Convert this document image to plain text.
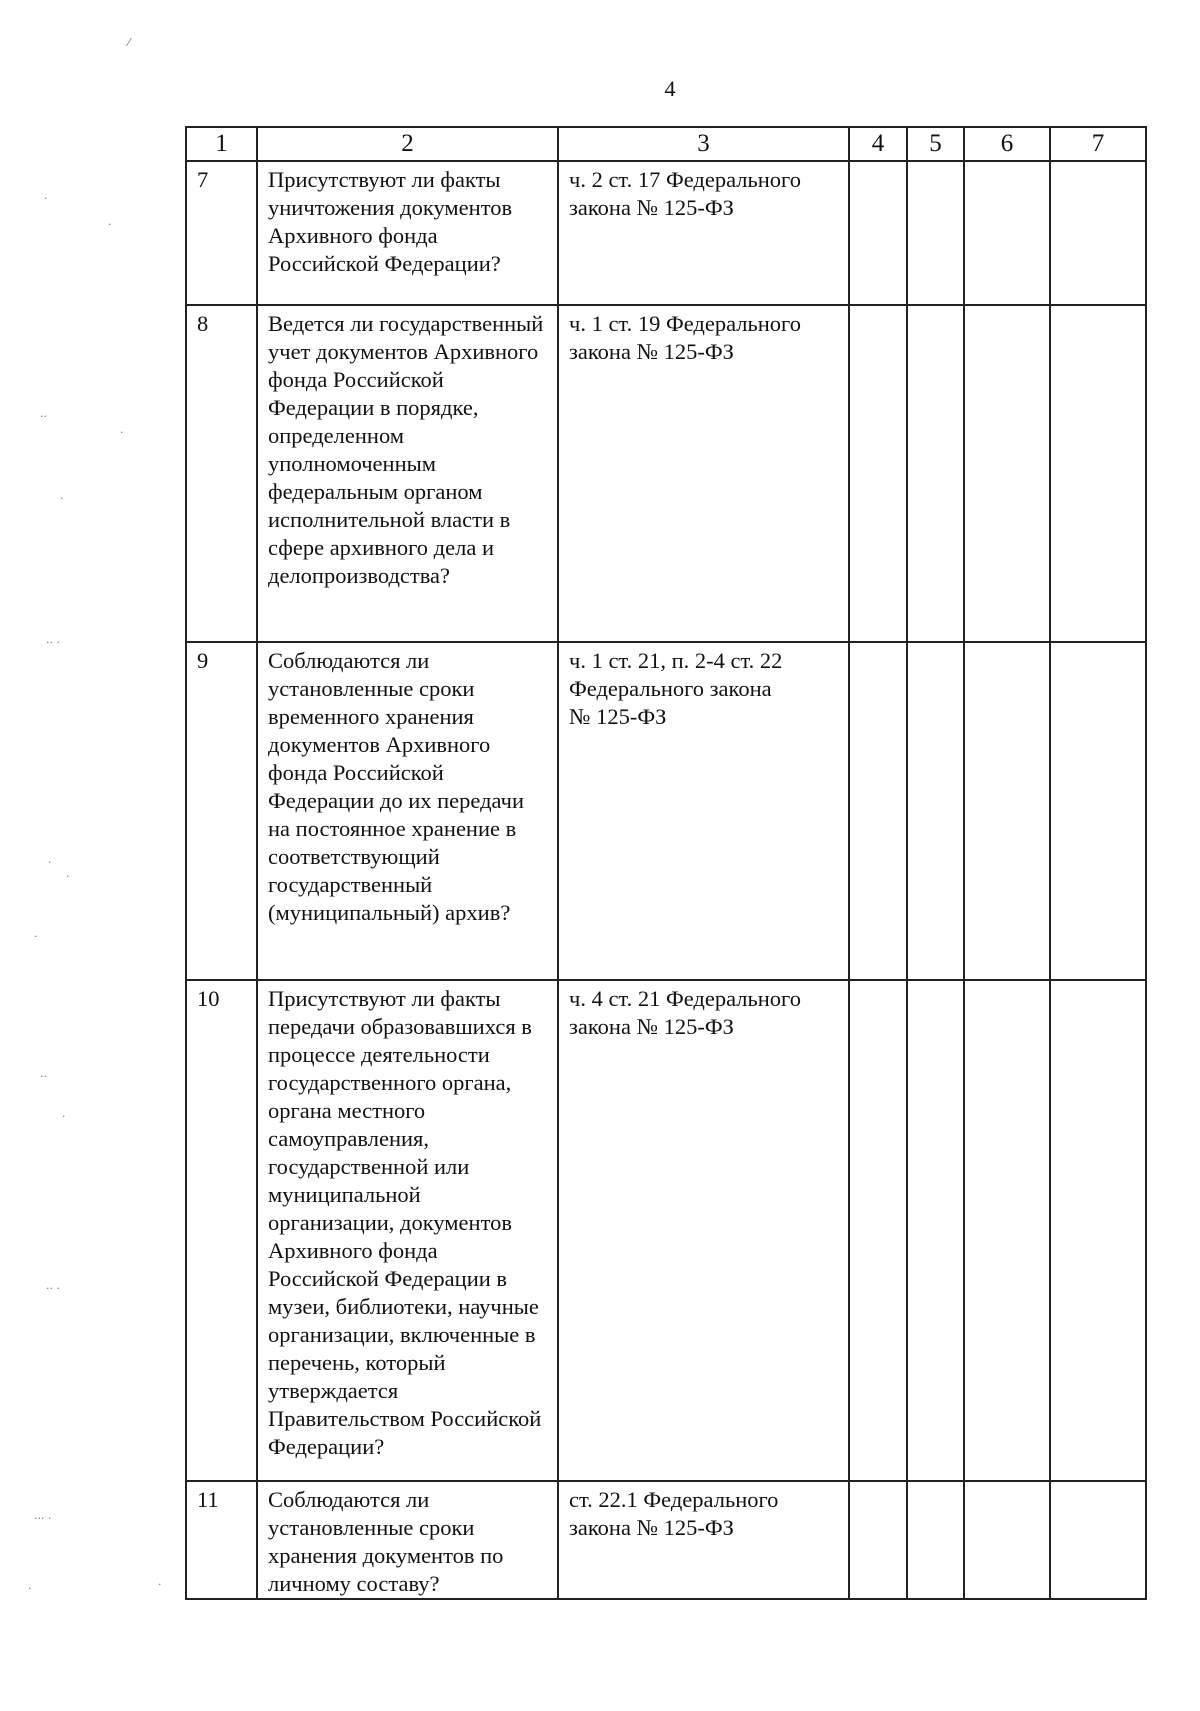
4
1	2	3	4	5	6	7
7	Присутствуют ли факты уничтожения документов Архивного фонда Российской Федерации?	ч. 2 ст. 17 Федерального
закона № 125-ФЗ				

8	Ведется ли государственный учет документов Архивного фонда Российской Федерации в порядке, определенном уполномоченным федеральным органом исполнительной власти в сфере архивного дела и делопроизводства?	ч. 1 ст. 19 Федерального
закона № 125-ФЗ				

9	Соблюдаются ли установленные сроки временного хранения документов Архивного фонда Российской Федерации до их передачи на постоянное хранение в соответствующий государственный (муниципальный) архив?	ч. 1 ст. 21, п. 2-4 ст. 22
Федерального закона
№ 125-ФЗ				

10	Присутствуют ли факты передачи образовавшихся в процессе деятельности государственного органа, органа местного самоуправления, государственной или муниципальной организации, документов Архивного фонда Российской Федерации в музеи, библиотеки, научные организации, включенные в перечень, который утверждается Правительством Российской Федерации?	ч. 4 ст. 21 Федерального
закона № 125-ФЗ				

11	Соблюдаются ли установленные сроки хранения документов по личному составу?	ст. 22.1 Федерального
закона № 125-ФЗ				

⁄
·
·
··
·
·
·· ·
·
·
·
··
·
·· ·
··· ·
·	·
